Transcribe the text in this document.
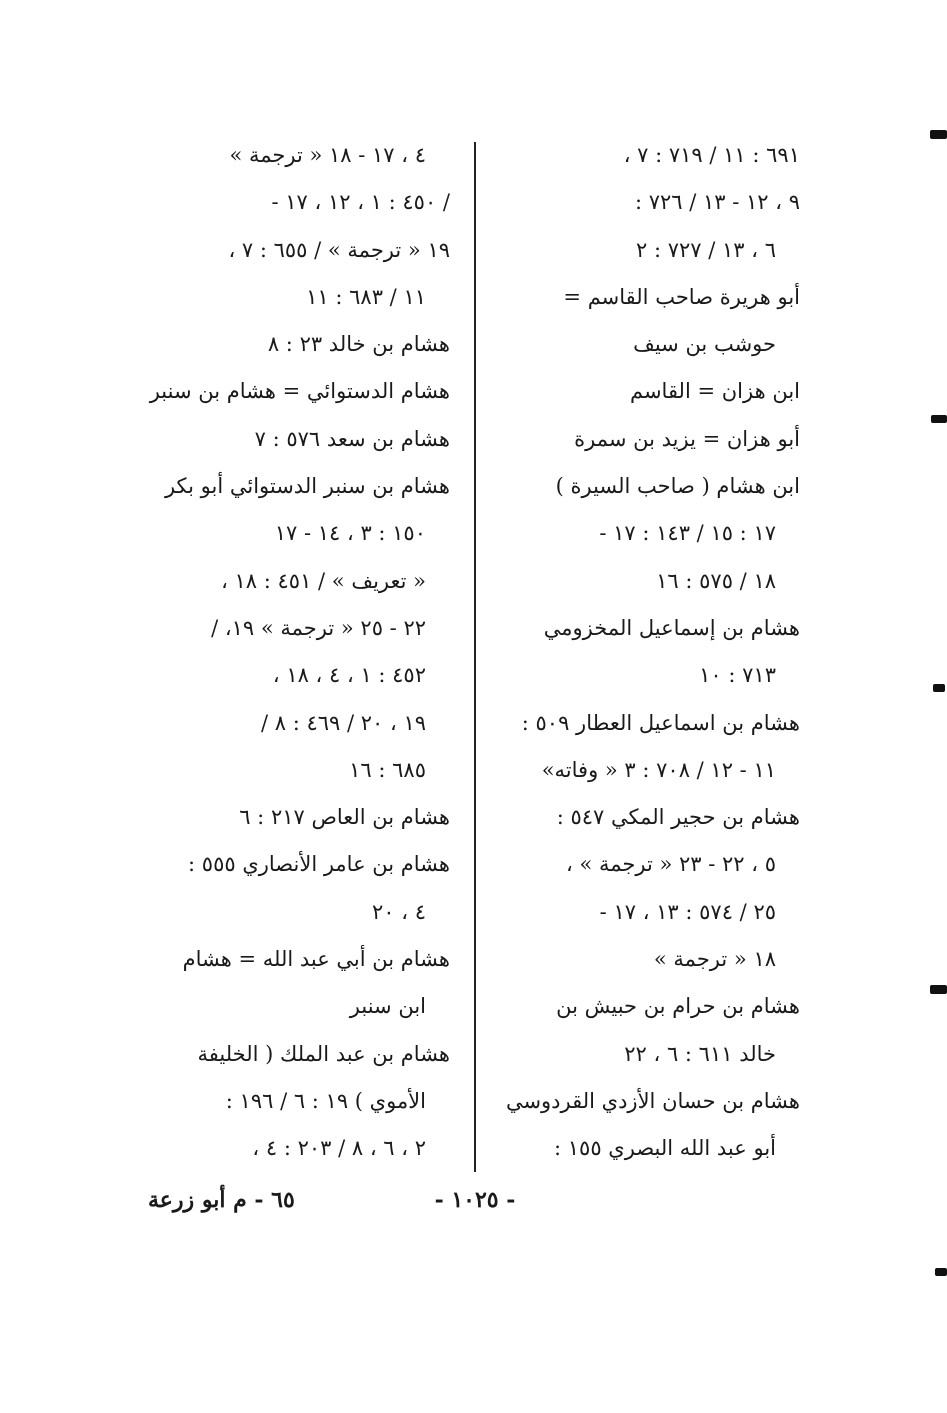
٦٩١ : ١١ / ٧١٩ : ٧ ،
٩ ، ١٢ - ١٣ / ٧٢٦ :
٦ ، ١٣ / ٧٢٧ : ٢
أبو هريرة صاحب القاسم =
حوشب بن سيف
ابن هزان = القاسم
أبو هزان = يزيد بن سمرة
ابن هشام ( صاحب السيرة )
١٧ : ١٥ / ١٤٣ : ١٧ -
١٨ / ٥٧٥ : ١٦
هشام بن إسماعيل المخزومي
٧١٣ : ١٠
هشام بن اسماعيل العطار ٥٠٩ :
١١ - ١٢ / ٧٠٨ : ٣ « وفاته»
هشام بن حجير المكي ٥٤٧ :
٥ ، ٢٢ - ٢٣ « ترجمة » ،
٢٥ / ٥٧٤ : ١٣ ، ١٧ -
١٨ « ترجمة »
هشام بن حرام بن حبيش بن
خالد ٦١١ : ٦ ، ٢٢
هشام بن حسان الأزدي القردوسي
أبو عبد الله البصري ١٥٥ :
٤ ، ١٧ - ١٨ « ترجمة »
/ ٤٥٠ : ١ ، ١٢ ، ١٧ -
١٩ « ترجمة » / ٦٥٥ : ٧ ،
١١ / ٦٨٣ : ١١
هشام بن خالد ٢٣ : ٨
هشام الدستوائي = هشام بن سنبر
هشام بن سعد ٥٧٦ : ٧
هشام بن سنبر الدستوائي أبو بكر
١٥٠ : ٣ ، ١٤ - ١٧
« تعريف » / ٤٥١ : ١٨ ،
٢٢ - ٢٥ « ترجمة » ١٩، /
٤٥٢ : ١ ، ٤ ، ١٨ ،
١٩ ، ٢٠ / ٤٦٩ : ٨ /
٦٨٥ : ١٦
هشام بن العاص ٢١٧ : ٦
هشام بن عامر الأنصاري ٥٥٥ :
٤ ، ٢٠
هشام بن أبي عبد الله = هشام
ابن سنبر
هشام بن عبد الملك ( الخليفة
الأموي ) ١٩ : ٦ / ١٩٦ :
٢ ، ٦ ، ٨ / ٢٠٣ : ٤ ،
- ١٠٢٥ -
٦٥ - م أبو زرعة
